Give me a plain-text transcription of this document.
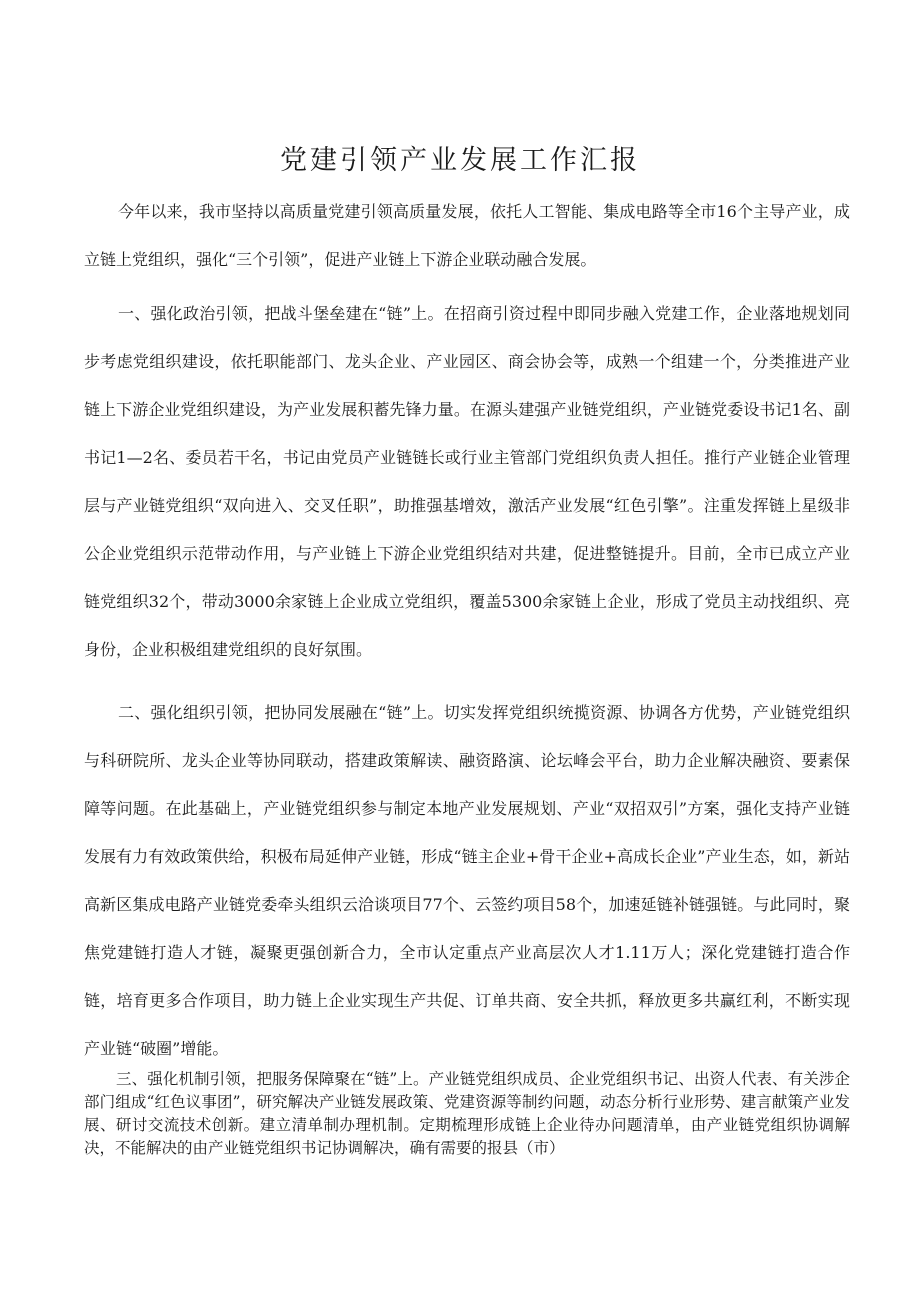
党建引领产业发展工作汇报

今年以来，我市坚持以高质量党建引领高质量发展，依托人工智能、集成电路等全市16个主导产业，成立链上党组织，强化“三个引领”，促进产业链上下游企业联动融合发展。

一、强化政治引领，把战斗堡垒建在“链”上。在招商引资过程中即同步融入党建工作，企业落地规划同步考虑党组织建设，依托职能部门、龙头企业、产业园区、商会协会等，成熟一个组建一个，分类推进产业链上下游企业党组织建设，为产业发展积蓄先锋力量。在源头建强产业链党组织，产业链党委设书记1名、副书记1—2名、委员若干名，书记由党员产业链链长或行业主管部门党组织负责人担任。推行产业链企业管理层与产业链党组织“双向进入、交叉任职”，助推强基增效，激活产业发展“红色引擎”。注重发挥链上星级非公企业党组织示范带动作用，与产业链上下游企业党组织结对共建，促进整链提升。目前，全市已成立产业链党组织32个，带动3000余家链上企业成立党组织，覆盖5300余家链上企业，形成了党员主动找组织、亮身份，企业积极组建党组织的良好氛围。

二、强化组织引领，把协同发展融在“链”上。切实发挥党组织统揽资源、协调各方优势，产业链党组织与科研院所、龙头企业等协同联动，搭建政策解读、融资路演、论坛峰会平台，助力企业解决融资、要素保障等问题。在此基础上，产业链党组织参与制定本地产业发展规划、产业“双招双引”方案，强化支持产业链发展有力有效政策供给，积极布局延伸产业链，形成“链主企业+骨干企业+高成长企业”产业生态，如，新站高新区集成电路产业链党委牵头组织云洽谈项目77个、云签约项目58个，加速延链补链强链。与此同时，聚焦党建链打造人才链，凝聚更强创新合力，全市认定重点产业高层次人才1.11万人；深化党建链打造合作链，培育更多合作项目，助力链上企业实现生产共促、订单共商、安全共抓，释放更多共赢红利，不断实现产业链“破圈”增能。

三、强化机制引领，把服务保障聚在“链”上。产业链党组织成员、企业党组织书记、出资人代表、有关涉企部门组成“红色议事团”，研究解决产业链发展政策、党建资源等制约问题，动态分析行业形势、建言献策产业发展、研讨交流技术创新。建立清单制办理机制。定期梳理形成链上企业待办问题清单，由产业链党组织协调解决，不能解决的由产业链党组织书记协调解决，确有需要的报县（市）
